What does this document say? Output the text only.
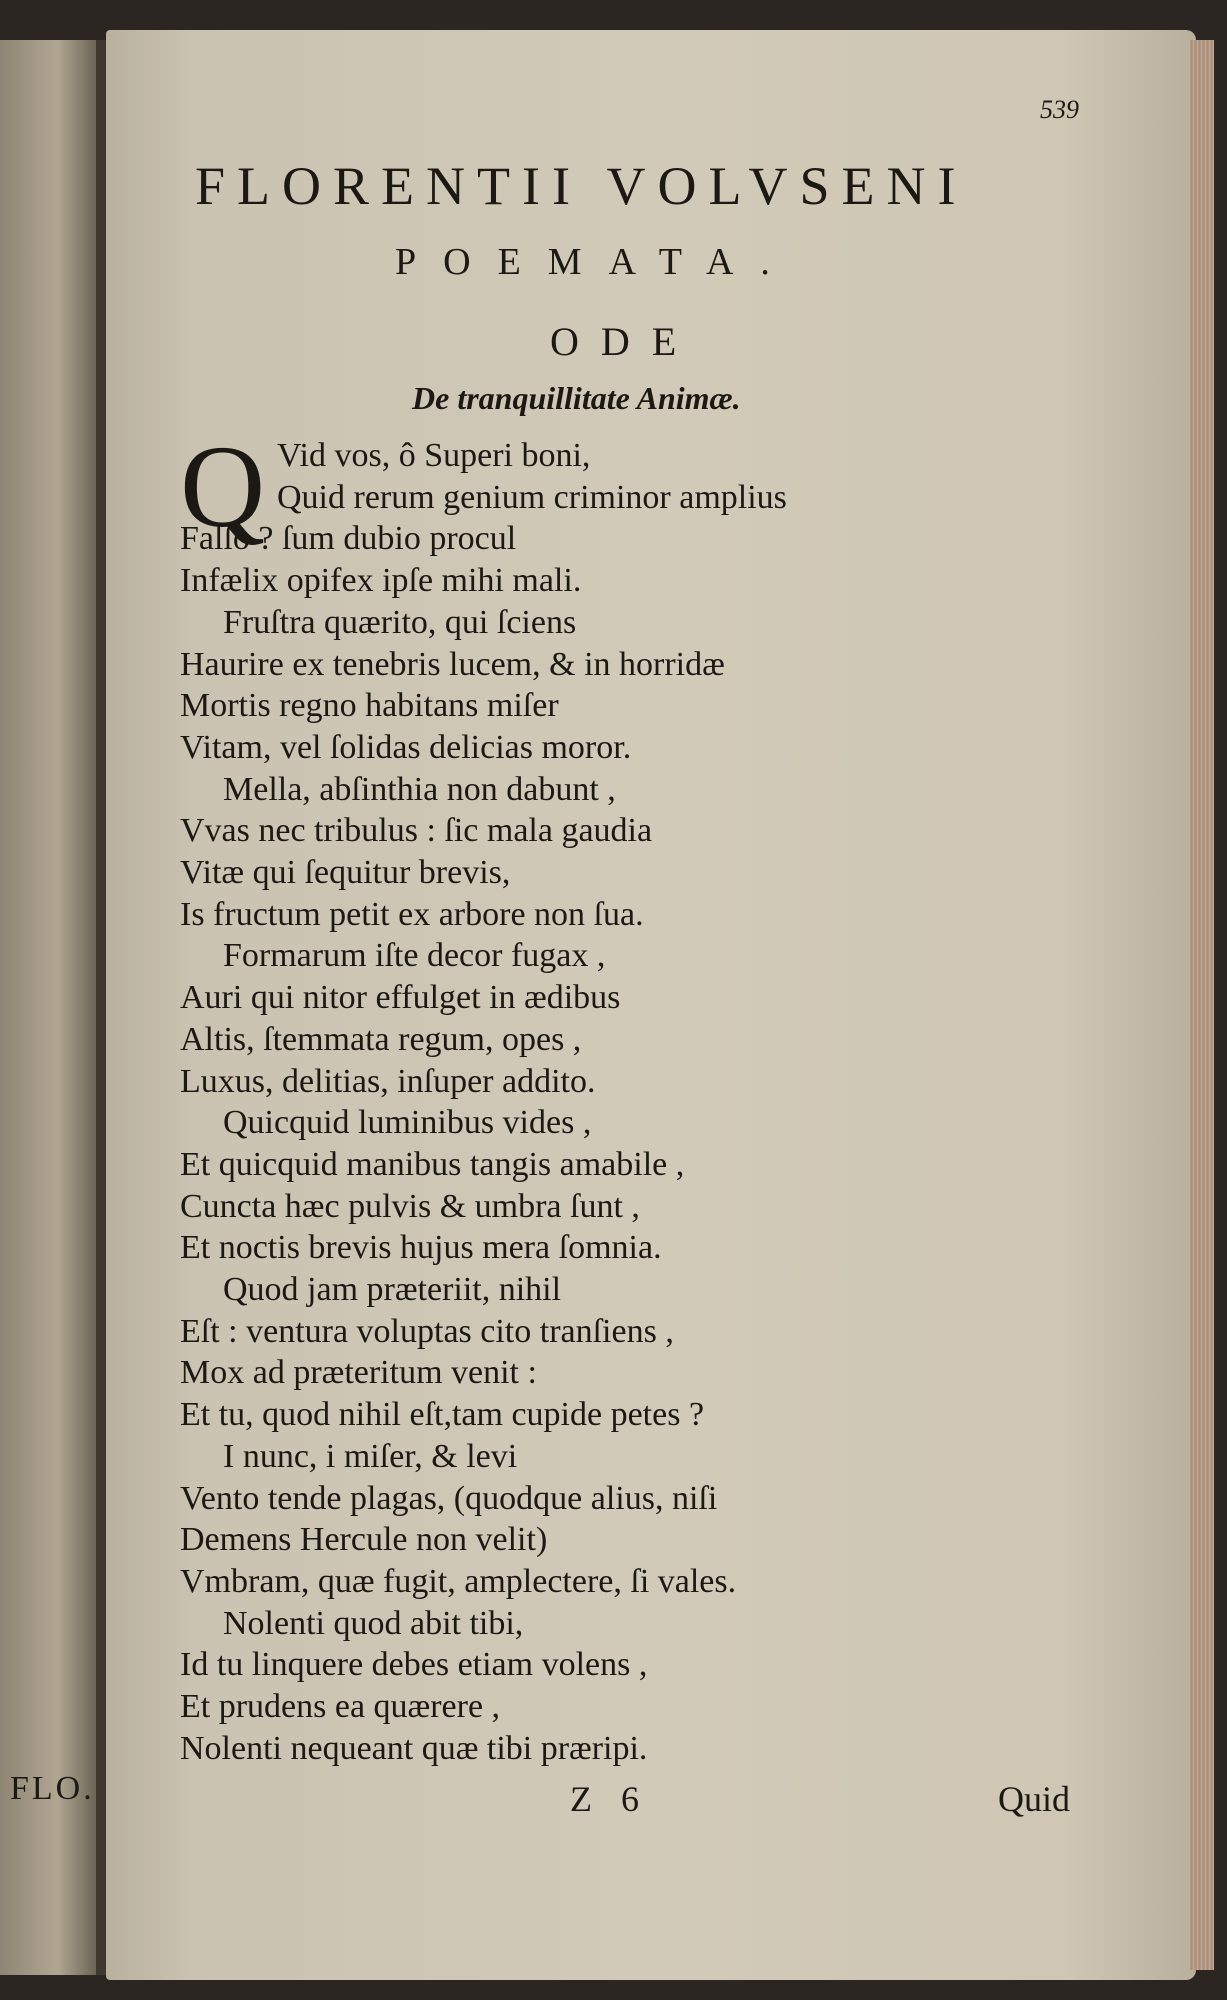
FLO.
539
FLORENTII VOLVSENI
POEMATA.
ODE
De tranquillitate Animæ.
Q Vid vos, ô Superi boni,
Quid rerum genium criminor amplius
Falſo ? ſum dubio procul
Infælix opifex ipſe mihi mali.
Fruſtra quærito, qui ſciens
Haurire ex tenebris lucem, & in horridæ
Mortis regno habitans miſer
Vitam, vel ſolidas delicias moror.
Mella, abſinthia non dabunt ,
Vvas nec tribulus : ſic mala gaudia
Vitæ qui ſequitur brevis,
Is fructum petit ex arbore non ſua.
Formarum iſte decor fugax ,
Auri qui nitor effulget in ædibus
Altis, ſtemmata regum, opes ,
Luxus, delitias, inſuper addito.
Quicquid luminibus vides ,
Et quicquid manibus tangis amabile ,
Cuncta hæc pulvis & umbra ſunt ,
Et noctis brevis hujus mera ſomnia.
Quod jam præteriit, nihil
Eſt : ventura voluptas cito tranſiens ,
Mox ad præteritum venit :
Et tu, quod nihil eſt,tam cupide petes ?
I nunc, i miſer, & levi
Vento tende plagas, (quodque alius, niſi
Demens Hercule non velit)
Vmbram, quæ fugit, amplectere, ſi vales.
Nolenti quod abit tibi,
Id tu linquere debes etiam volens ,
Et prudens ea quærere ,
Nolenti nequeant quæ tibi præripi.
Z 6	Quid
